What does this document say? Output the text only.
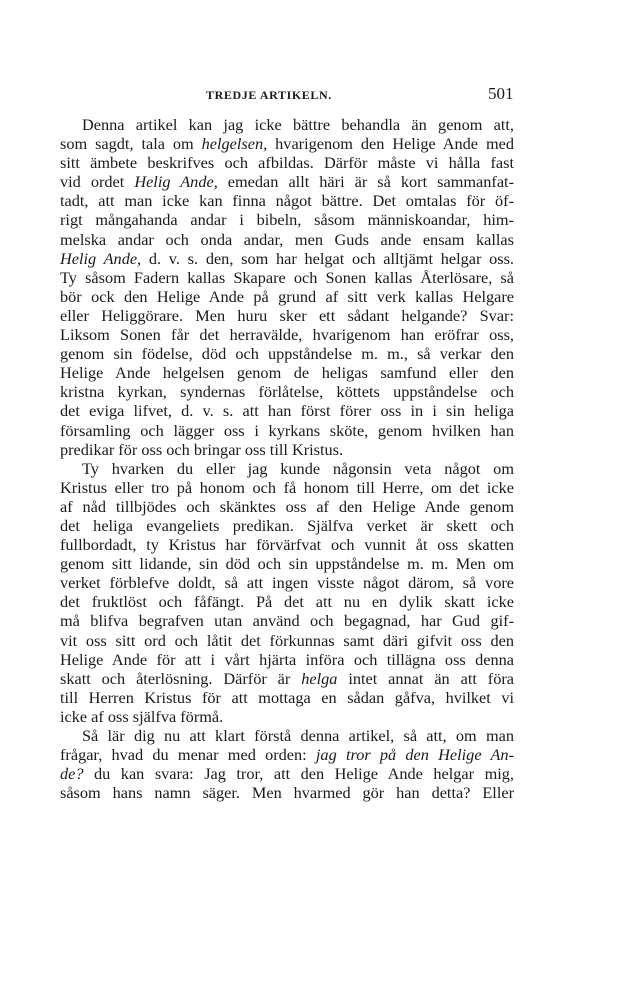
TREDJE ARTIKELN.	501
Denna artikel kan jag icke bättre behandla än genom att,
som sagdt, tala om helgelsen, hvarigenom den Helige Ande med
sitt ämbete beskrifves och afbildas. Därför måste vi hålla fast
vid ordet Helig Ande, emedan allt häri är så kort sammanfat-
tadt, att man icke kan finna något bättre. Det omtalas för öf-
rigt mångahanda andar i bibeln, såsom människoandar, him-
melska andar och onda andar, men Guds ande ensam kallas
Helig Ande, d. v. s. den, som har helgat och alltjämt helgar oss.
Ty såsom Fadern kallas Skapare och Sonen kallas Återlösare, så
bör ock den Helige Ande på grund af sitt verk kallas Helgare
eller Heliggörare. Men huru sker ett sådant helgande? Svar:
Liksom Sonen får det herravälde, hvarigenom han eröfrar oss,
genom sin födelse, död och uppståndelse m. m., så verkar den
Helige Ande helgelsen genom de heligas samfund eller den
kristna kyrkan, syndernas förlåtelse, köttets uppståndelse och
det eviga lifvet, d. v. s. att han först förer oss in i sin heliga
församling och lägger oss i kyrkans sköte, genom hvilken han
predikar för oss och bringar oss till Kristus.
Ty hvarken du eller jag kunde någonsin veta något om
Kristus eller tro på honom och få honom till Herre, om det icke
af nåd tillbjödes och skänktes oss af den Helige Ande genom
det heliga evangeliets predikan. Själfva verket är skett och
fullbordadt, ty Kristus har förvärfvat och vunnit åt oss skatten
genom sitt lidande, sin död och sin uppståndelse m. m. Men om
verket förblefve doldt, så att ingen visste något därom, så vore
det fruktlöst och fåfängt. På det att nu en dylik skatt icke
må blifva begrafven utan använd och begagnad, har Gud gif-
vit oss sitt ord och låtit det förkunnas samt däri gifvit oss den
Helige Ande för att i vårt hjärta införa och tillägna oss denna
skatt och återlösning. Därför är helga intet annat än att föra
till Herren Kristus för att mottaga en sådan gåfva, hvilket vi
icke af oss själfva förmå.
Så lär dig nu att klart förstå denna artikel, så att, om man
frågar, hvad du menar med orden: jag tror på den Helige An-
de? du kan svara: Jag tror, att den Helige Ande helgar mig,
såsom hans namn säger. Men hvarmed gör han detta? Eller
